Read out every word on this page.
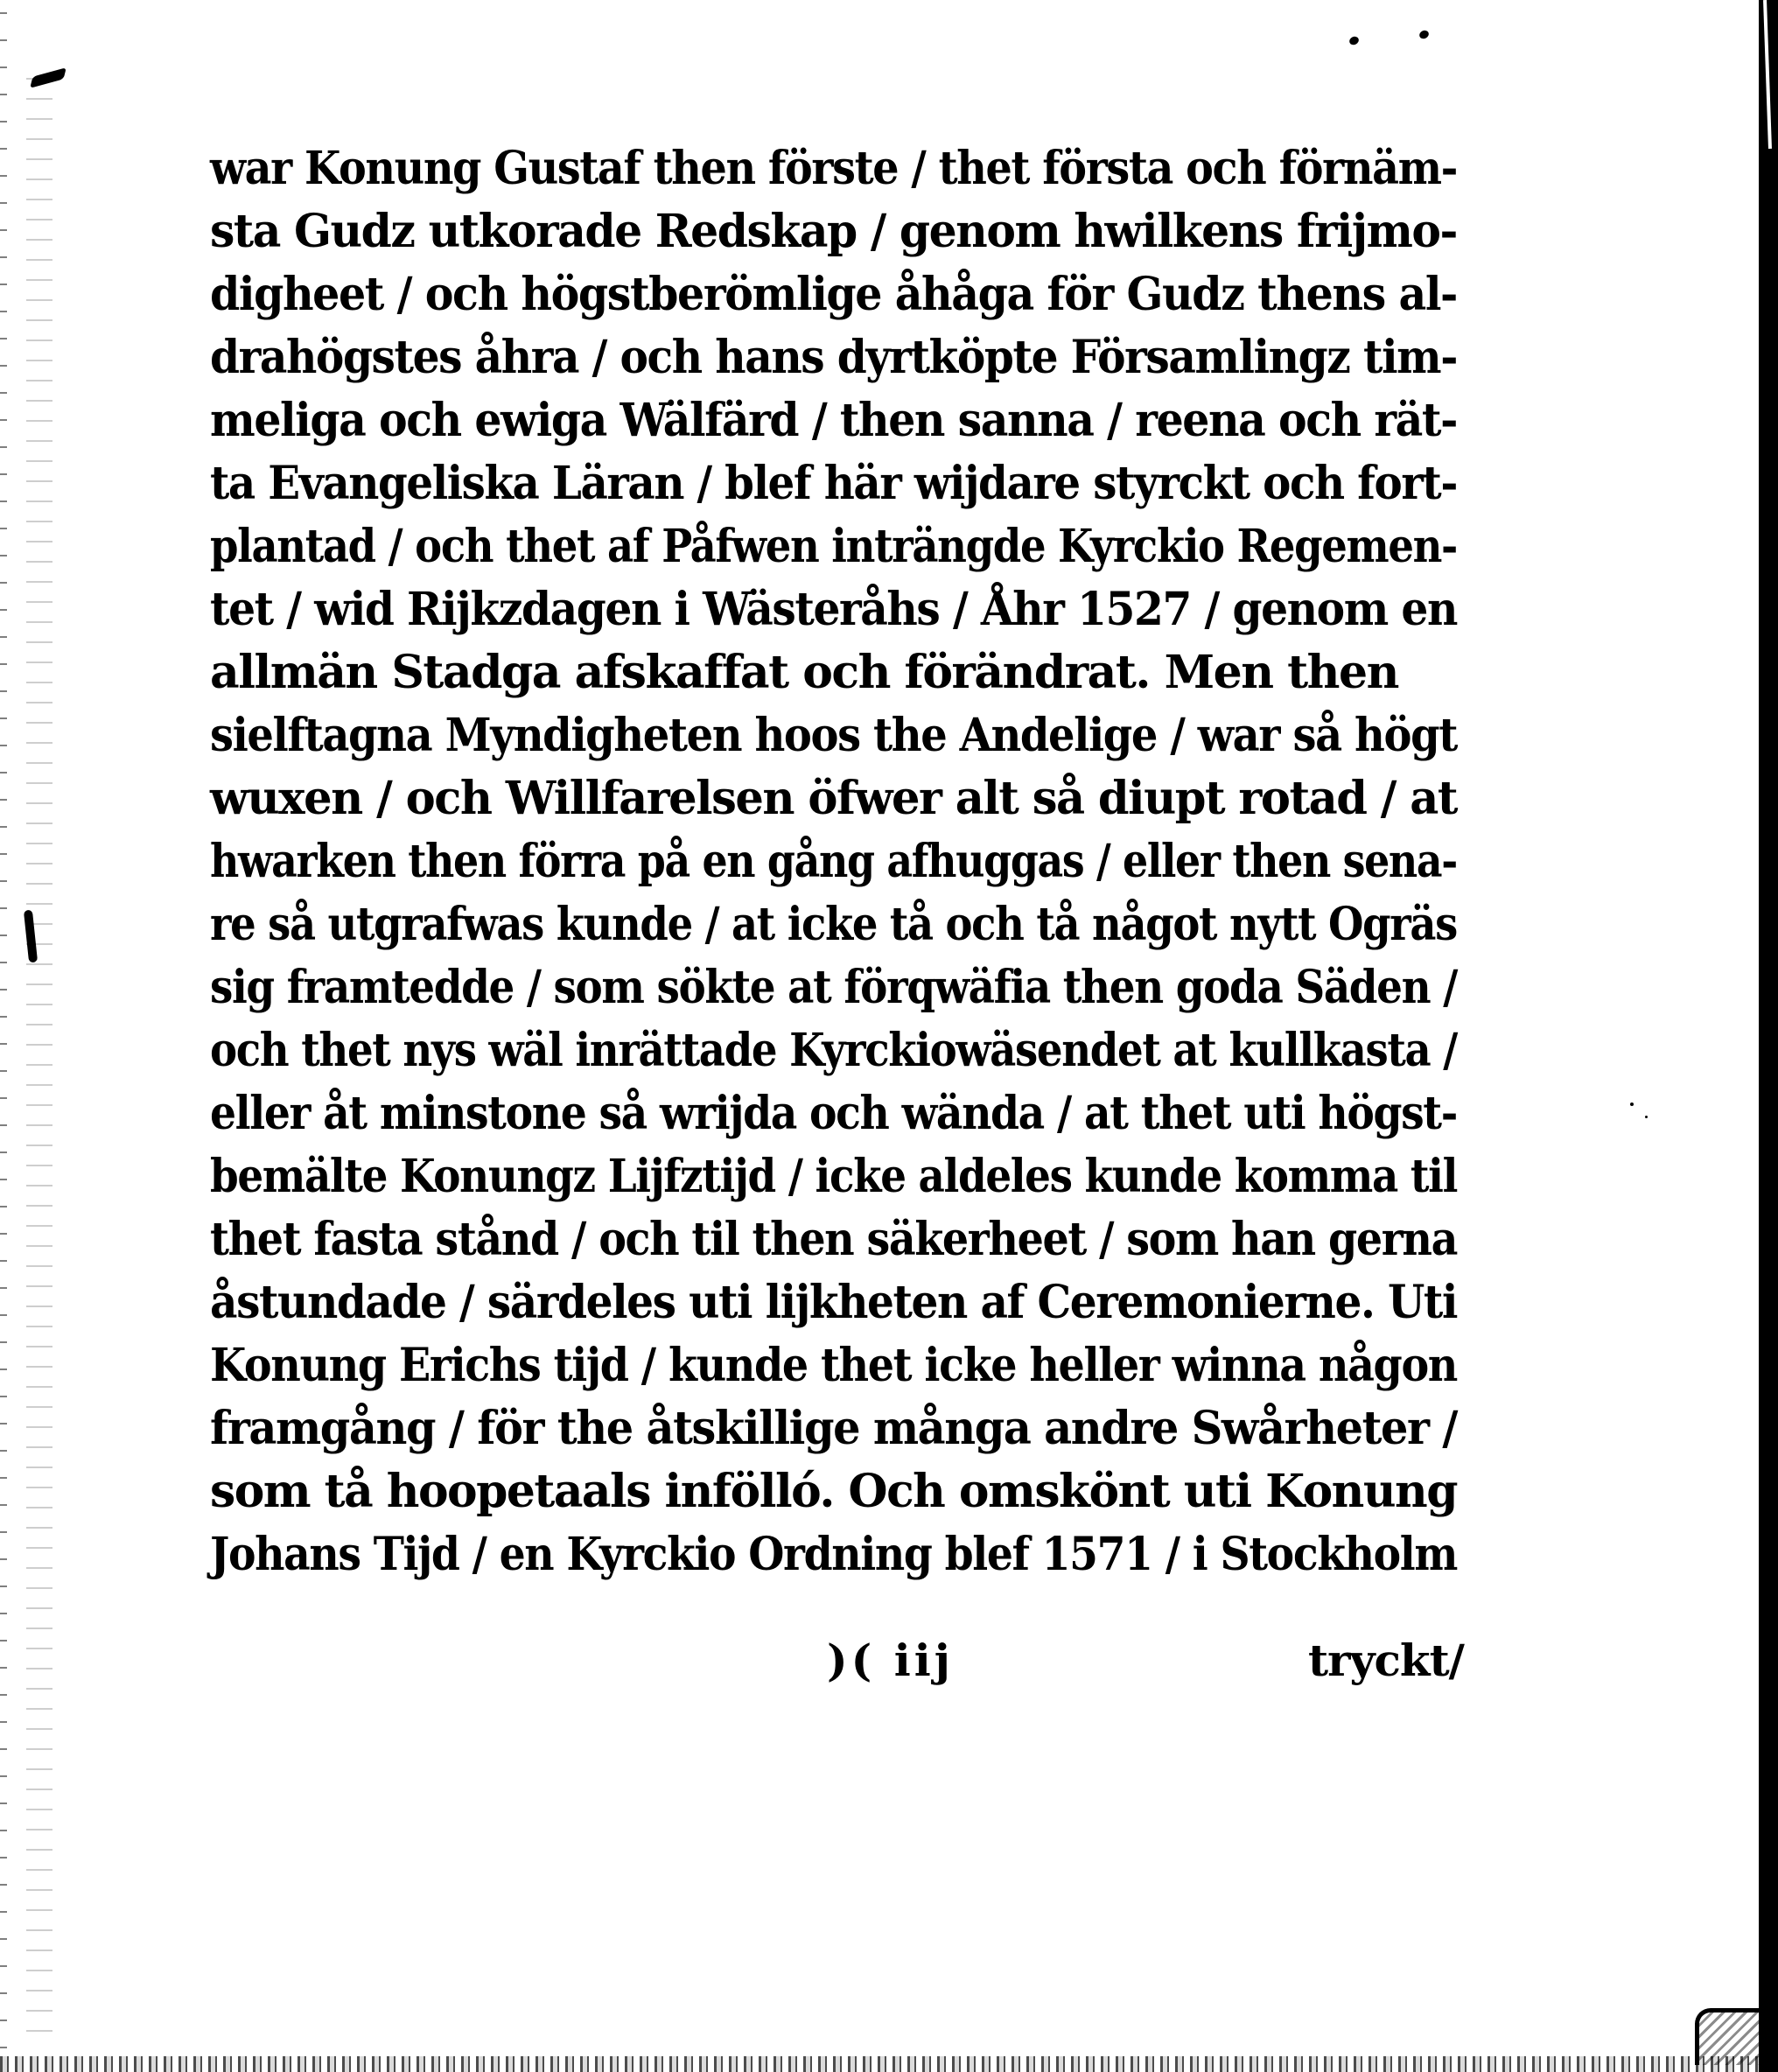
war Konung Gustaf then förste / thet första och förnäm-
sta Gudz utkorade Redskap / genom hwilkens frijmo-
digheet / och högstberömlige åhåga för Gudz thens al-
drahögstes åhra / och hans dyrtköpte Församlingz tim-
meliga och ewiga Wälfärd / then sanna / reena och rät-
ta Evangeliska Läran / blef här wijdare styrckt och fort-
plantad / och thet af Påfwen inträngde Kyrckio Regemen-
tet / wid Rijkzdagen i Wästeråhs / Åhr 1527 / genom en
allmän Stadga afskaffat och förändrat. Men then
sielftagna Myndigheten hoos the Andelige / war så högt
wuxen / och Willfarelsen öfwer alt så diupt rotad / at
hwarken then förra på en gång afhuggas / eller then sena-
re så utgrafwas kunde / at icke tå och tå något nytt Ogräs
sig framtedde / som sökte at förqwäfia then goda Säden /
och thet nys wäl inrättade Kyrckiowäsendet at kullkasta /
eller åt minstone så wrijda och wända / at thet uti högst-
bemälte Konungz Lijfztijd / icke aldeles kunde komma til
thet fasta stånd / och til then säkerheet / som han gerna
åstundade / särdeles uti lijkheten af Ceremonierne. Uti
Konung Erichs tijd / kunde thet icke heller winna någon
framgång / för the åtskillige många andre Swårheter /
som tå hoopetaals infölló. Och omskönt uti Konung
Johans Tijd / en Kyrckio Ordning blef 1571 / i Stockholm
)( iij	tryckt/
